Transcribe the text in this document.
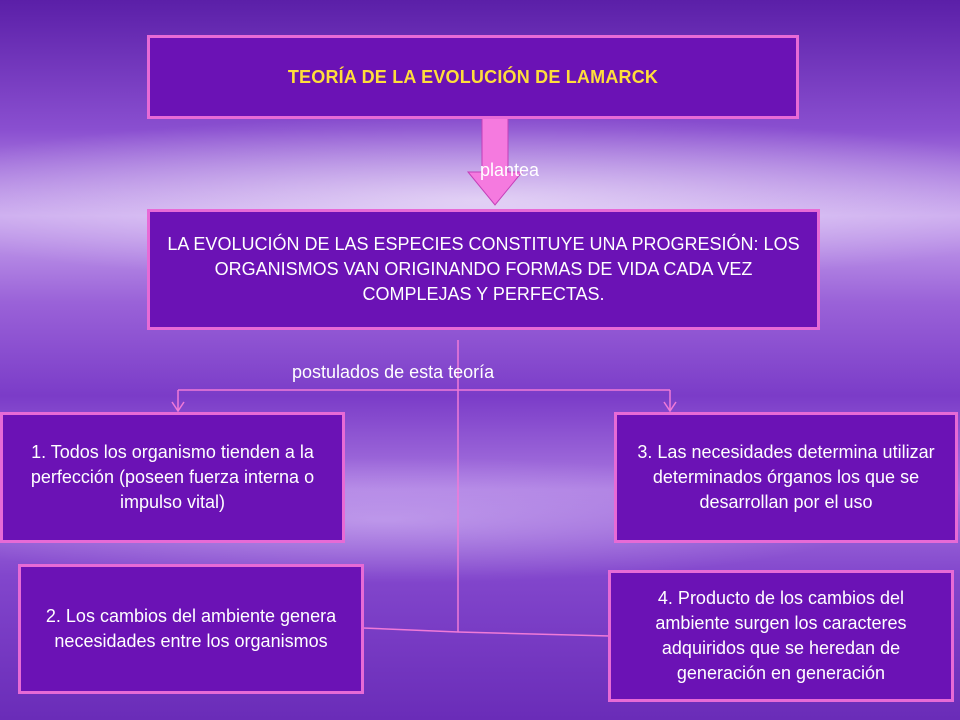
TEORÍA DE LA EVOLUCIÓN DE LAMARCK
plantea
LA EVOLUCIÓN DE LAS ESPECIES CONSTITUYE UNA PROGRESIÓN: LOS ORGANISMOS VAN ORIGINANDO FORMAS DE VIDA CADA VEZ COMPLEJAS Y PERFECTAS.
postulados de esta teoría
1. Todos los organismo tienden a la perfección (poseen fuerza interna o impulso vital)
3. Las necesidades determina utilizar determinados órganos los que se desarrollan por el uso
2. Los cambios del ambiente genera necesidades entre los organismos
4. Producto de los cambios del ambiente surgen los caracteres adquiridos que se heredan de generación en generación
